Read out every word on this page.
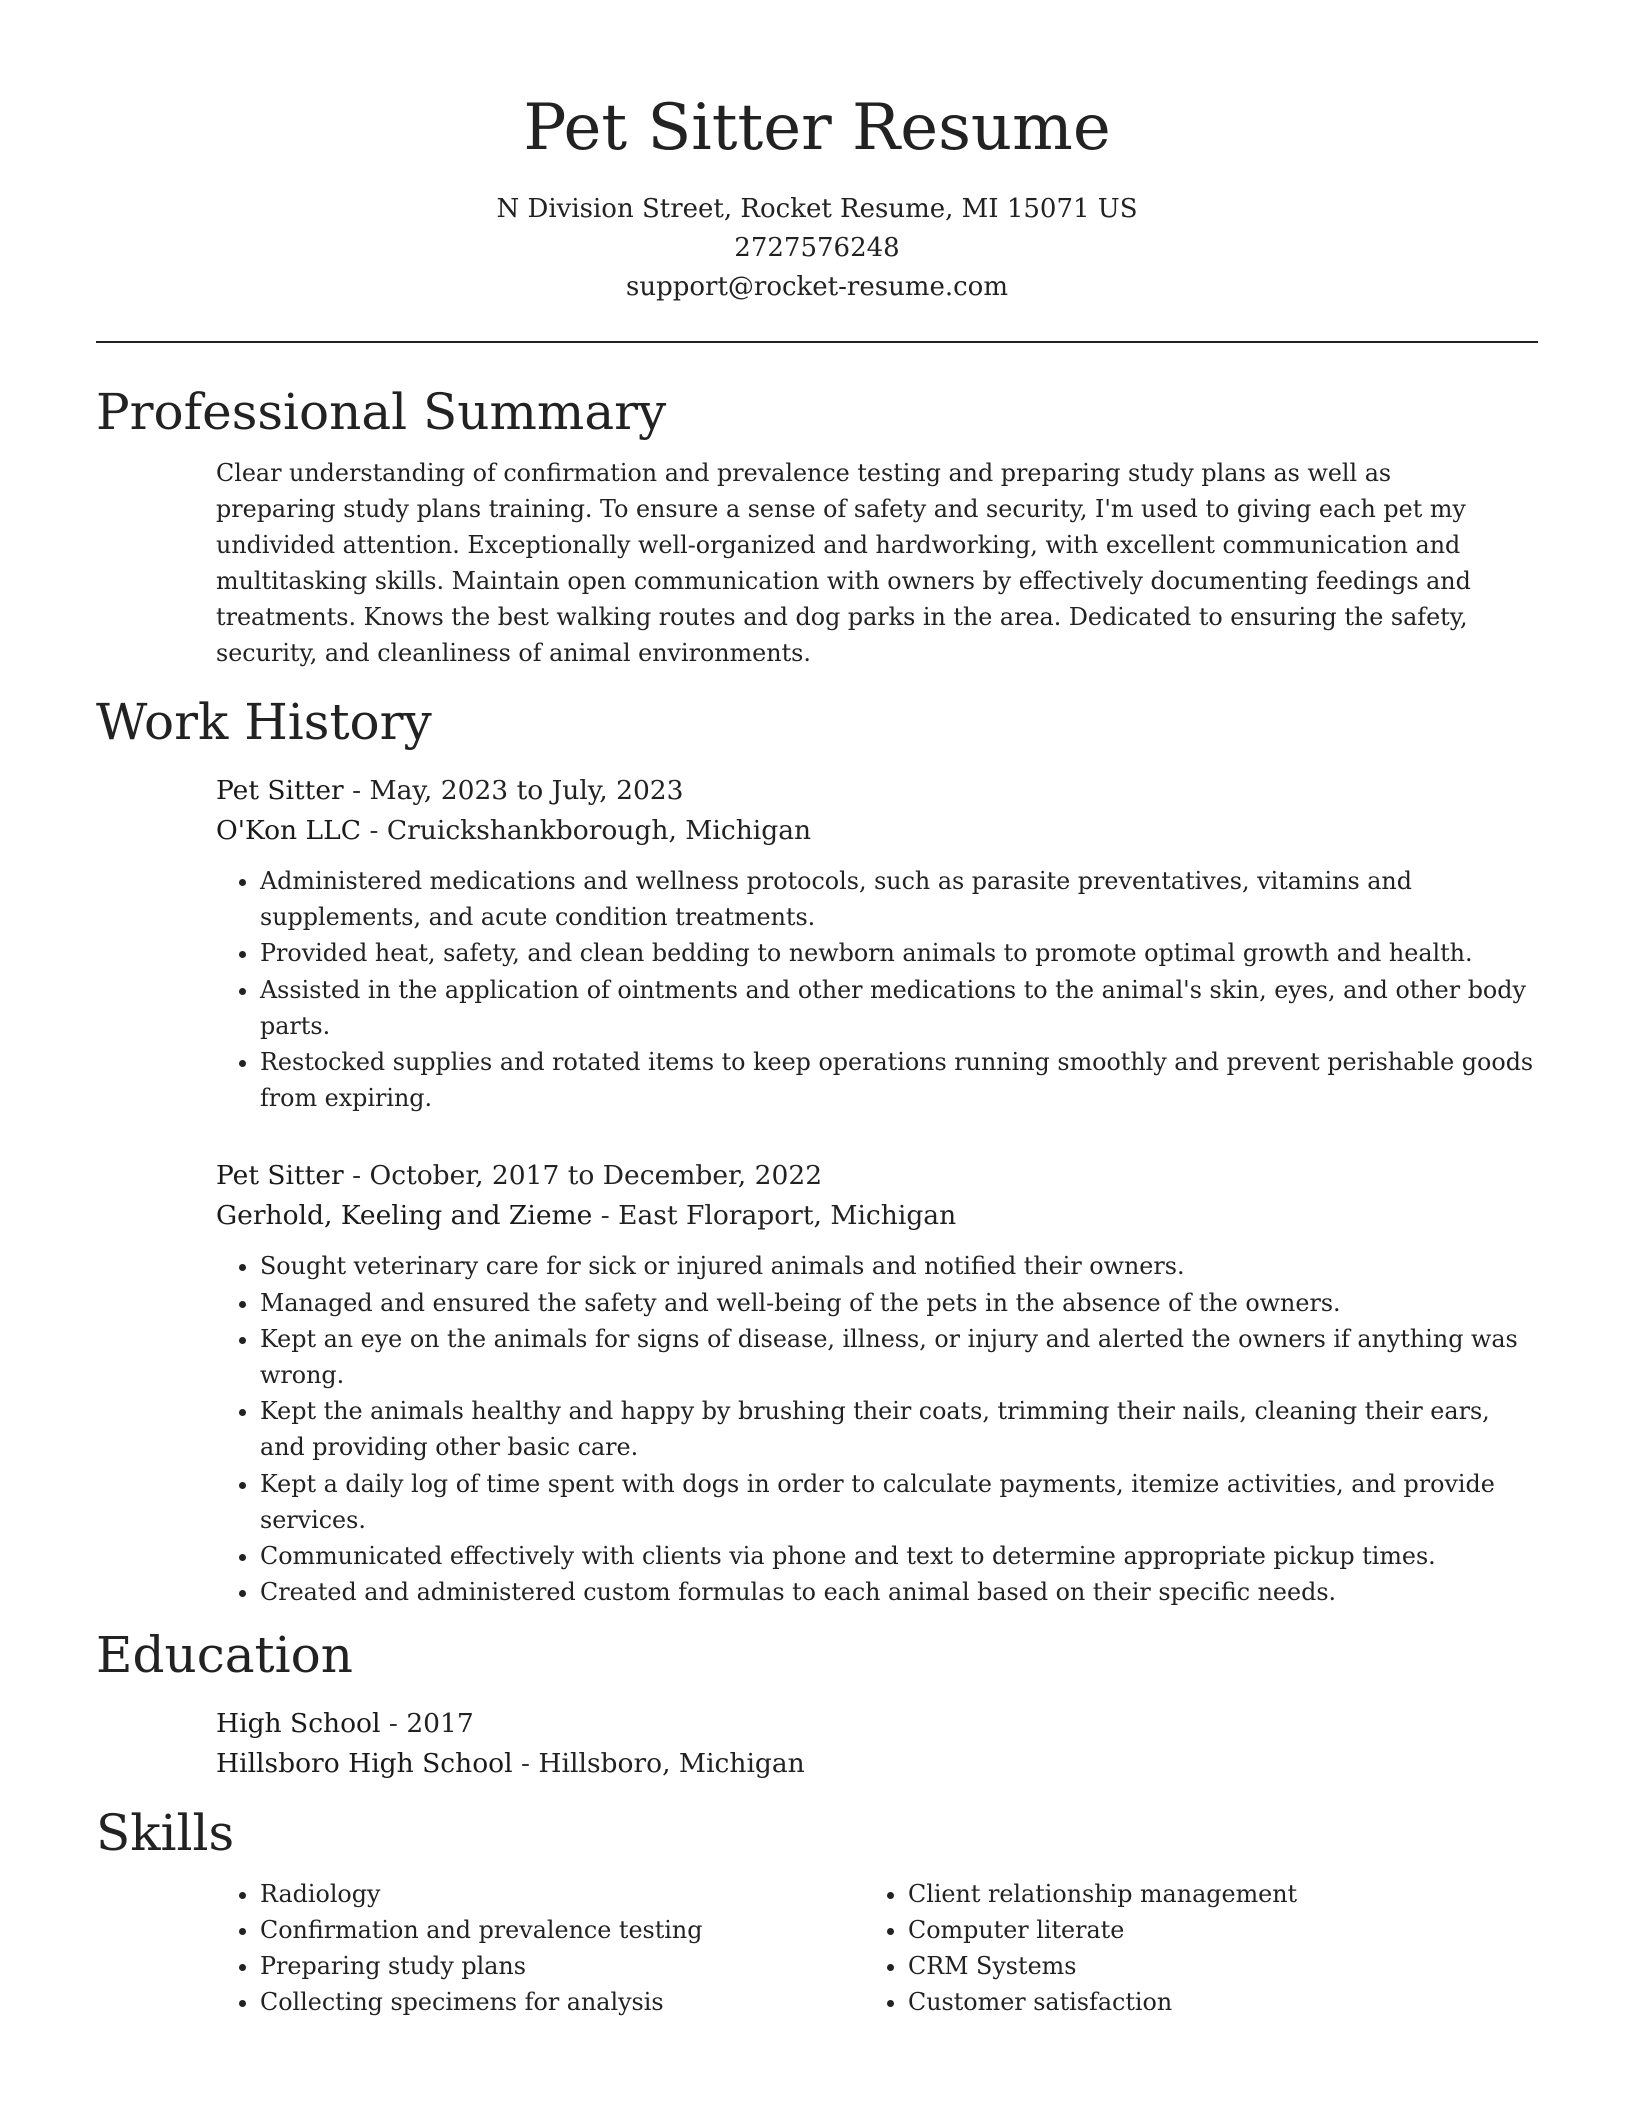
Pet Sitter Resume
N Division Street, Rocket Resume, MI 15071 US
2727576248
support@rocket-resume.com
Professional Summary
Clear understanding of confirmation and prevalence testing and preparing study plans as well as preparing study plans training. To ensure a sense of safety and security, I'm used to giving each pet my undivided attention. Exceptionally well-organized and hardworking, with excellent communication and multitasking skills. Maintain open communication with owners by effectively documenting feedings and treatments. Knows the best walking routes and dog parks in the area. Dedicated to ensuring the safety, security, and cleanliness of animal environments.
Work History
Pet Sitter - May, 2023 to July, 2023
O'Kon LLC - Cruickshankborough, Michigan
• Administered medications and wellness protocols, such as parasite preventatives, vitamins and supplements, and acute condition treatments.
• Provided heat, safety, and clean bedding to newborn animals to promote optimal growth and health.
• Assisted in the application of ointments and other medications to the animal's skin, eyes, and other body parts.
• Restocked supplies and rotated items to keep operations running smoothly and prevent perishable goods from expiring.
Pet Sitter - October, 2017 to December, 2022
Gerhold, Keeling and Zieme - East Floraport, Michigan
• Sought veterinary care for sick or injured animals and notified their owners.
• Managed and ensured the safety and well-being of the pets in the absence of the owners.
• Kept an eye on the animals for signs of disease, illness, or injury and alerted the owners if anything was wrong.
• Kept the animals healthy and happy by brushing their coats, trimming their nails, cleaning their ears, and providing other basic care.
• Kept a daily log of time spent with dogs in order to calculate payments, itemize activities, and provide services.
• Communicated effectively with clients via phone and text to determine appropriate pickup times.
• Created and administered custom formulas to each animal based on their specific needs.
Education
High School - 2017
Hillsboro High School - Hillsboro, Michigan
Skills
• Radiology
• Confirmation and prevalence testing
• Preparing study plans
• Collecting specimens for analysis
• Client relationship management
• Computer literate
• CRM Systems
• Customer satisfaction
